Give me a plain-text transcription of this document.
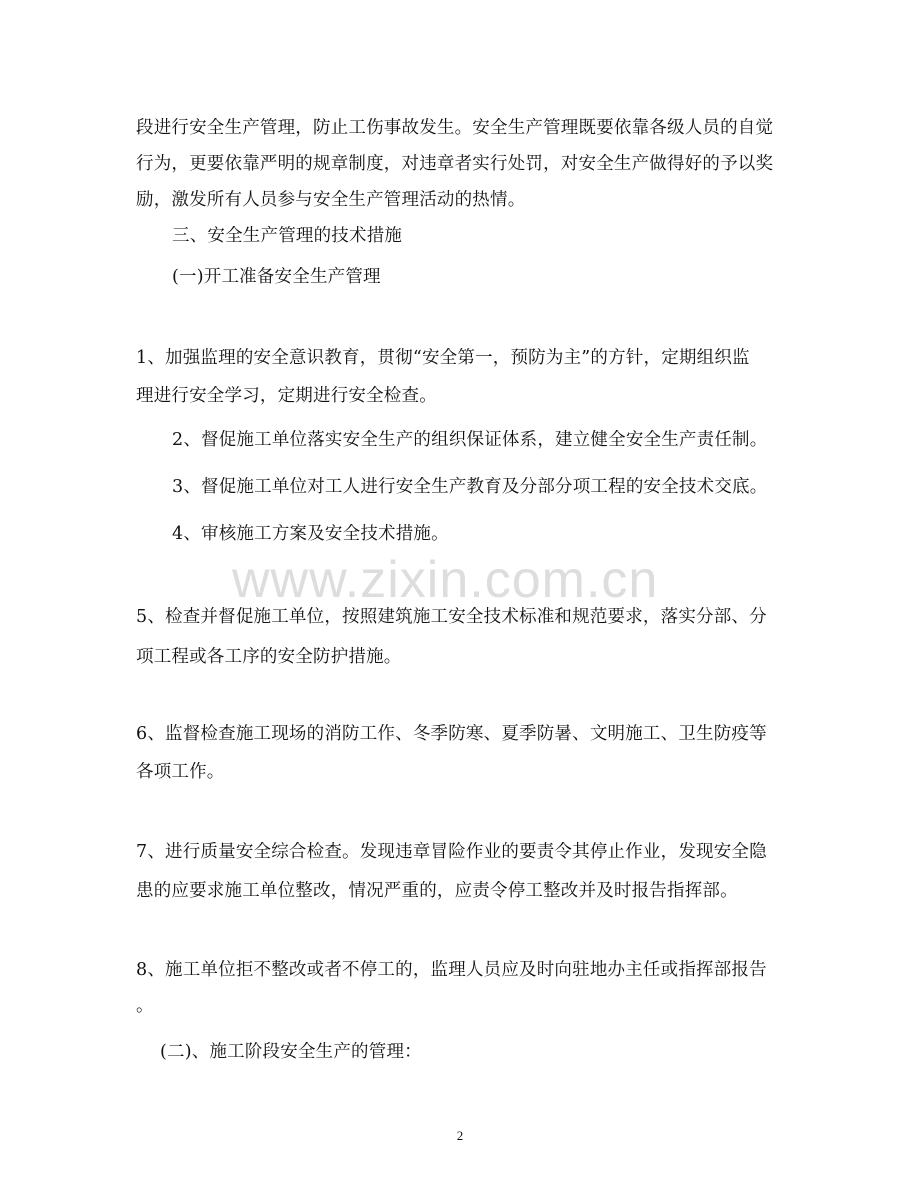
段进行安全生产管理，防止工伤事故发生。安全生产管理既要依靠各级人员的自觉
行为，更要依靠严明的规章制度，对违章者实行处罚，对安全生产做得好的予以奖
励，激发所有人员参与安全生产管理活动的热情。
三、安全生产管理的技术措施
(一)开工准备安全生产管理
1、加强监理的安全意识教育，贯彻“安全第一，预防为主”的方针，定期组织监
理进行安全学习，定期进行安全检查。
2、督促施工单位落实安全生产的组织保证体系，建立健全安全生产责任制。
3、督促施工单位对工人进行安全生产教育及分部分项工程的安全技术交底。
4、审核施工方案及安全技术措施。
5、检查并督促施工单位，按照建筑施工安全技术标准和规范要求，落实分部、分
项工程或各工序的安全防护措施。
6、监督检查施工现场的消防工作、冬季防寒、夏季防暑、文明施工、卫生防疫等
各项工作。
7、进行质量安全综合检查。发现违章冒险作业的要责令其停止作业，发现安全隐
患的应要求施工单位整改，情况严重的，应责令停工整改并及时报告指挥部。
8、施工单位拒不整改或者不停工的，监理人员应及时向驻地办主任或指挥部报告
。
(二)、施工阶段安全生产的管理：
www.zixin.com.cn
2
